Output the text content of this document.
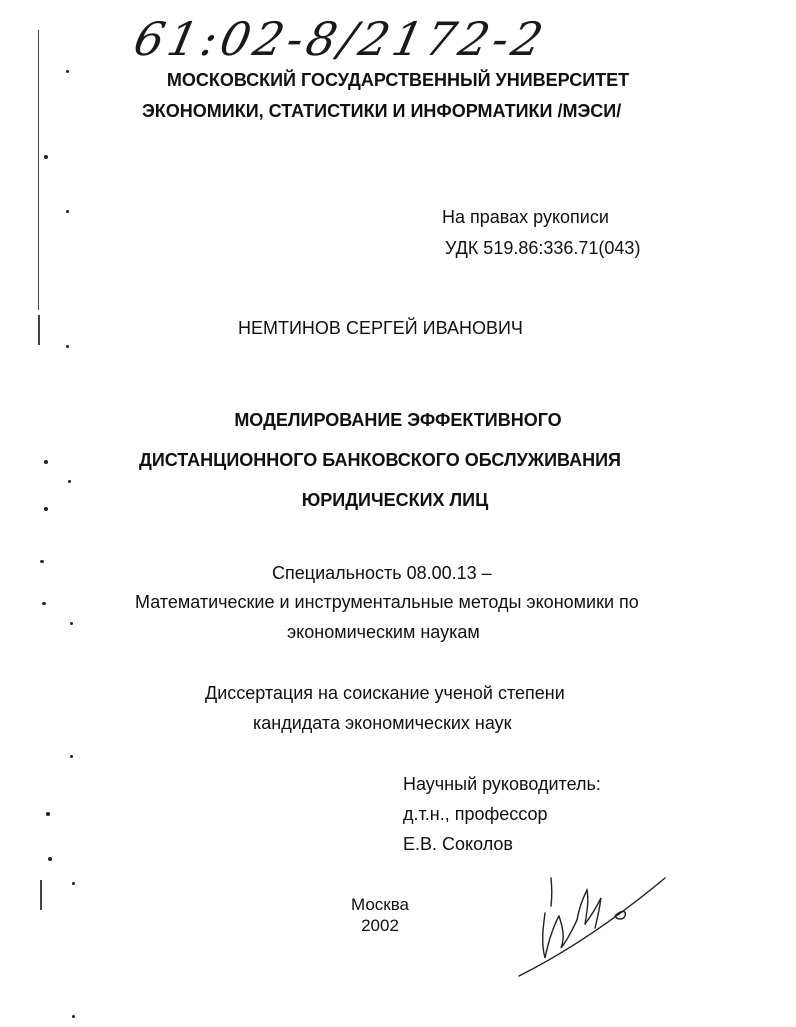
61:02-8/2172-2
МОСКОВСКИЙ ГОСУДАРСТВЕННЫЙ УНИВЕРСИТЕТ
ЭКОНОМИКИ, СТАТИСТИКИ И ИНФОРМАТИКИ /МЭСИ/
На правах рукописи
УДК 519.86:336.71(043)
НЕМТИНОВ СЕРГЕЙ ИВАНОВИЧ
МОДЕЛИРОВАНИЕ ЭФФЕКТИВНОГО
ДИСТАНЦИОННОГО БАНКОВСКОГО ОБСЛУЖИВАНИЯ
ЮРИДИЧЕСКИХ ЛИЦ
Специальность 08.00.13 –
Математические и инструментальные методы экономики по
экономическим наукам
Диссертация на соискание ученой степени
кандидата экономических наук
Научный руководитель:
д.т.н., профессор
Е.В. Соколов
Москва
2002
